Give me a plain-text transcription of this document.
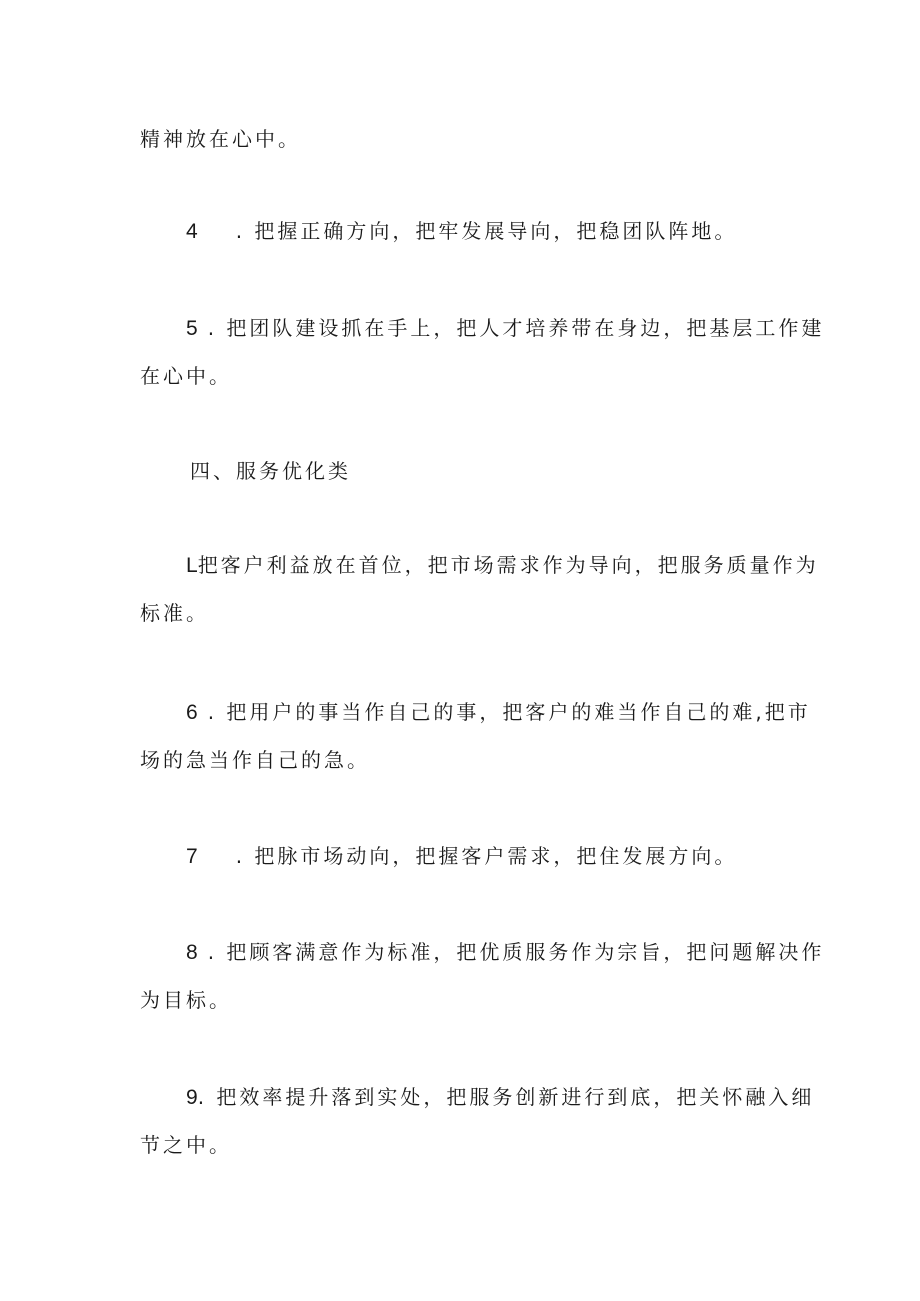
精神放在心中。
4 . 把握正确方向，把牢发展导向，把稳团队阵地。
5 . 把团队建设抓在手上，把人才培养带在身边，把基层工作建
在心中。
四、服务优化类
L把客户利益放在首位，把市场需求作为导向，把服务质量作为
标准。
6 . 把用户的事当作自己的事，把客户的难当作自己的难,把市
场的急当作自己的急。
7 . 把脉市场动向，把握客户需求，把住发展方向。
8 . 把顾客满意作为标准，把优质服务作为宗旨，把问题解决作
为目标。
9. 把效率提升落到实处，把服务创新进行到底，把关怀融入细
节之中。
